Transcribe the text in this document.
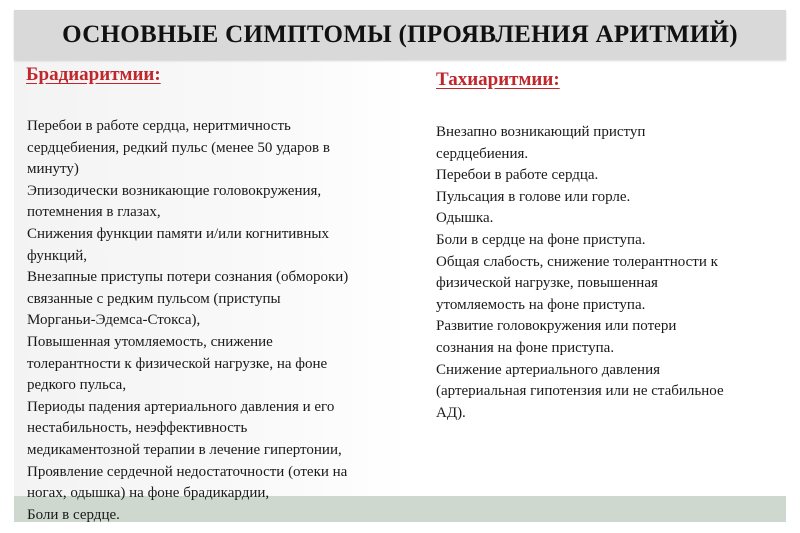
ОСНОВНЫЕ СИМПТОМЫ (ПРОЯВЛЕНИЯ АРИТМИЙ)
Брадиаритмии:
Перебои в работе сердца, неритмичность
сердцебиения, редкий пульс (менее 50 ударов в
минуту)
Эпизодически возникающие головокружения,
потемнения в глазах,
Снижения функции памяти и/или когнитивных
функций,
Внезапные приступы потери сознания (обмороки)
связанные с редким пульсом (приступы
Морганьи-Эдемса-Стокса),
Повышенная утомляемость, снижение
толерантности к физической нагрузке, на фоне
редкого пульса,
Периоды падения артериального давления и его
нестабильность, неэффективность
медикаментозной терапии в лечение гипертонии,
Проявление сердечной недостаточности (отеки на
ногах, одышка) на фоне брадикардии,
Боли в сердце.
Тахиаритмии:
Внезапно возникающий приступ
сердцебиения.
Перебои в работе сердца.
Пульсация в голове или горле.
Одышка.
Боли в сердце на фоне приступа.
Общая слабость, снижение толерантности к
физической нагрузке, повышенная
утомляемость на фоне приступа.
Развитие головокружения или потери
сознания на фоне приступа.
Снижение артериального давления
(артериальная гипотензия или не стабильное
АД).
